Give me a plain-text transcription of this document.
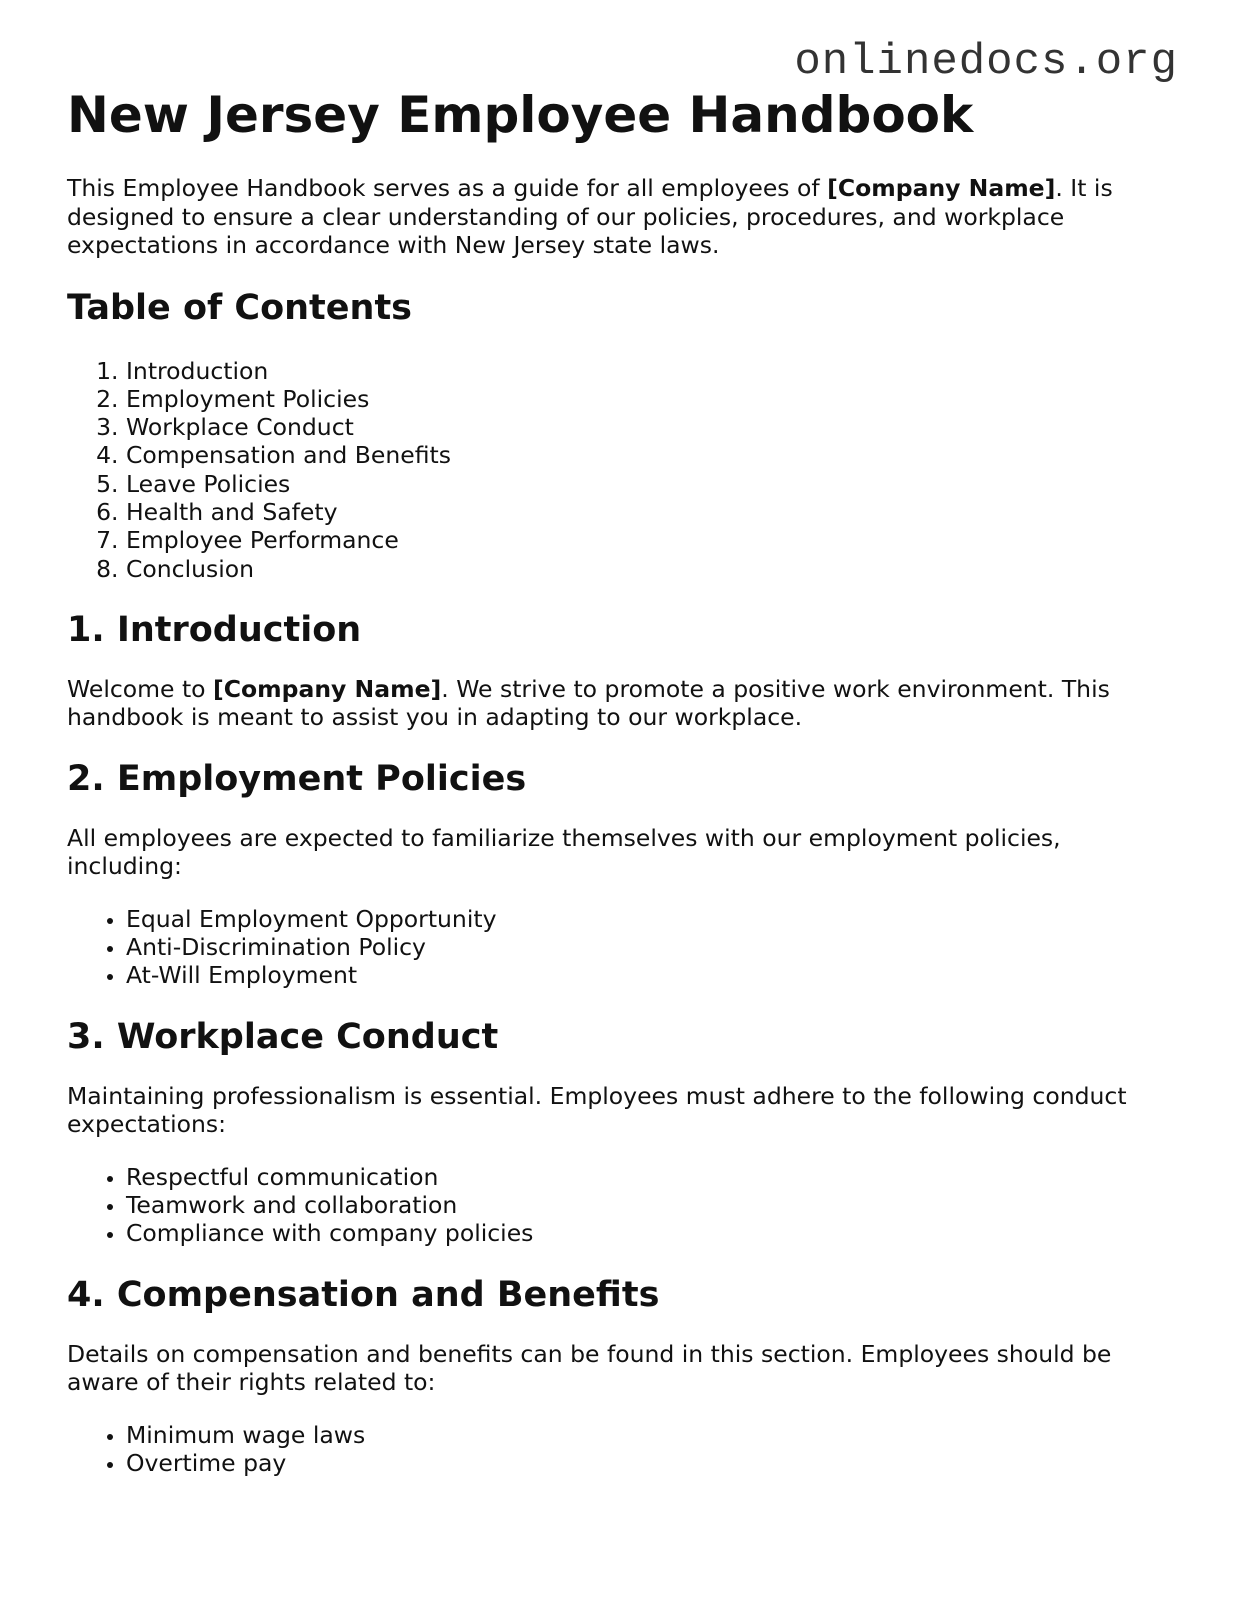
onlinedocs.org
New Jersey Employee Handbook

This Employee Handbook serves as a guide for all employees of [Company Name]. It is designed to ensure a clear understanding of our policies, procedures, and workplace expectations in accordance with New Jersey state laws.

Table of Contents
1. Introduction
2. Employment Policies
3. Workplace Conduct
4. Compensation and Benefits
5. Leave Policies
6. Health and Safety
7. Employee Performance
8. Conclusion
1. Introduction

Welcome to [Company Name]. We strive to promote a positive work environment. This handbook is meant to assist you in adapting to our workplace.

2. Employment Policies

All employees are expected to familiarize themselves with our employment policies, including:

• Equal Employment Opportunity
• Anti-Discrimination Policy
• At-Will Employment
3. Workplace Conduct

Maintaining professionalism is essential. Employees must adhere to the following conduct expectations:

• Respectful communication
• Teamwork and collaboration
• Compliance with company policies
4. Compensation and Benefits

Details on compensation and benefits can be found in this section. Employees should be aware of their rights related to:

• Minimum wage laws
• Overtime pay
